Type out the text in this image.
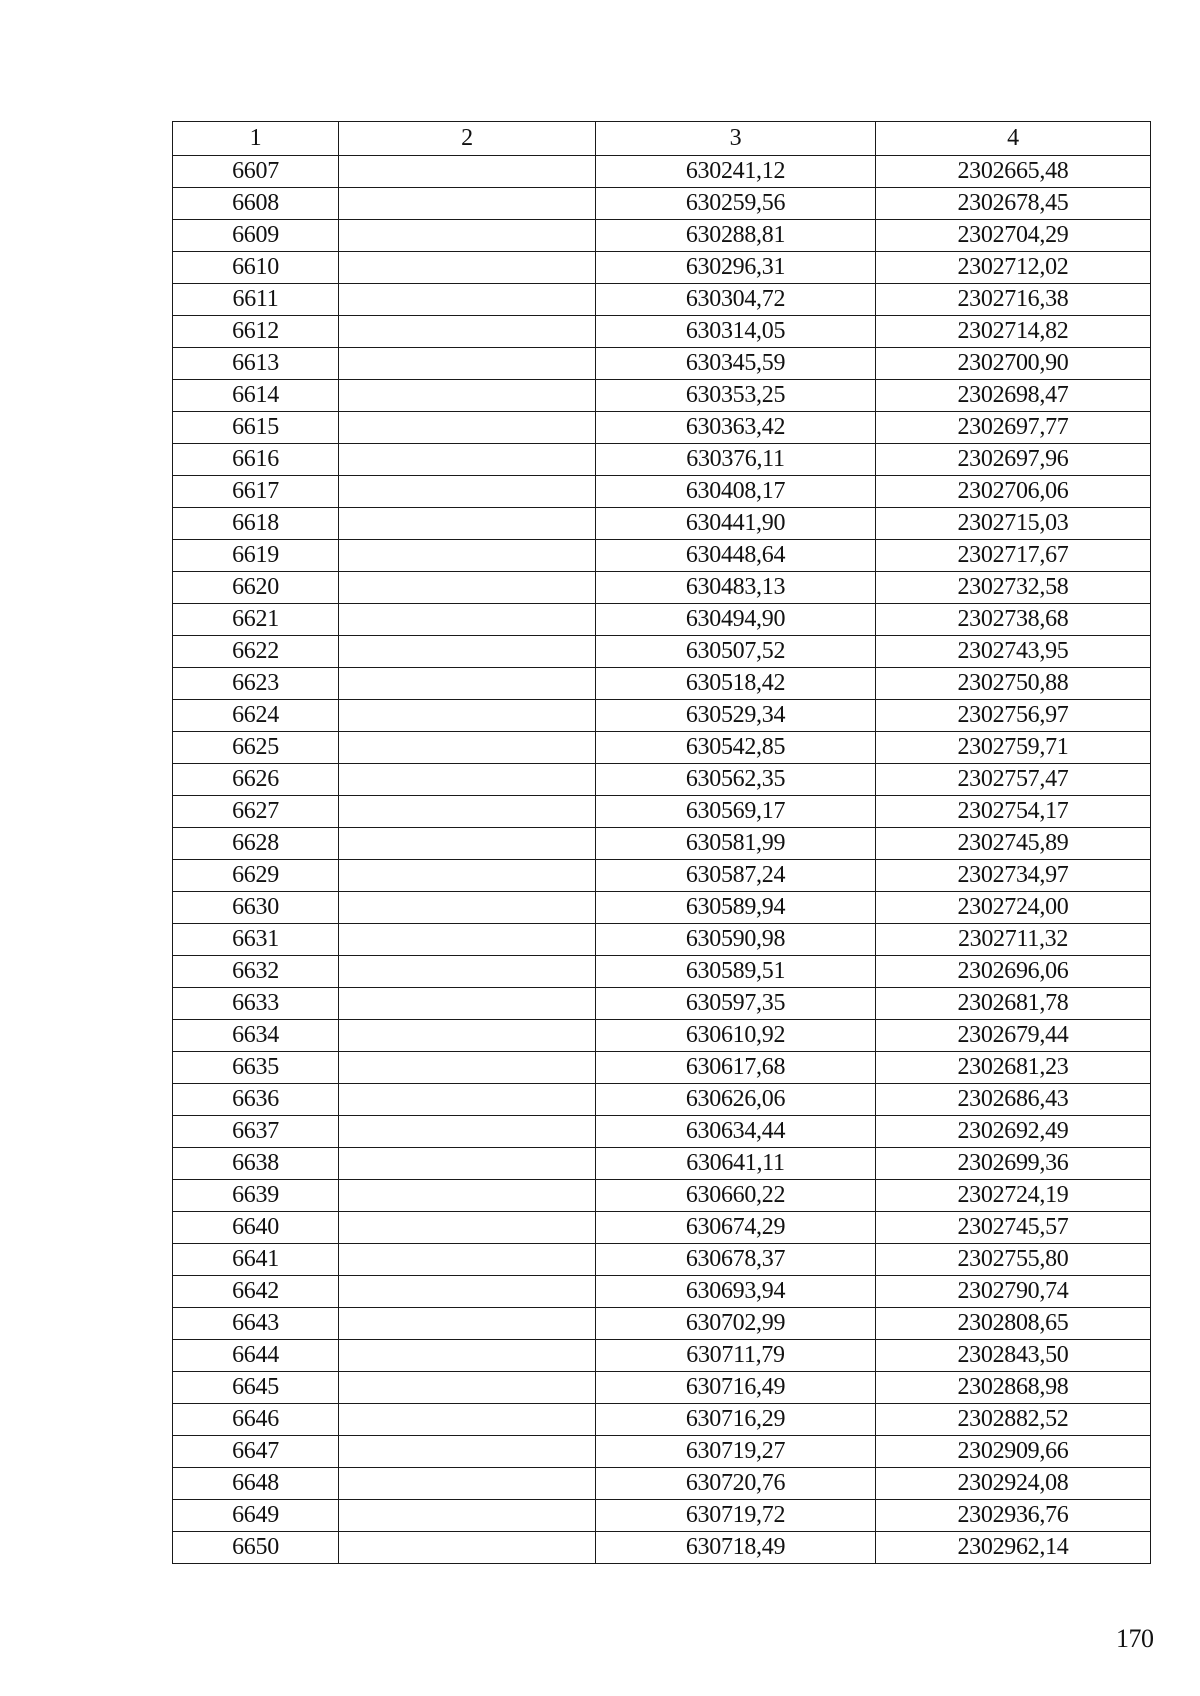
1	2	3	4
6607		630241,12	2302665,48
6608		630259,56	2302678,45
6609		630288,81	2302704,29
6610		630296,31	2302712,02
6611		630304,72	2302716,38
6612		630314,05	2302714,82
6613		630345,59	2302700,90
6614		630353,25	2302698,47
6615		630363,42	2302697,77
6616		630376,11	2302697,96
6617		630408,17	2302706,06
6618		630441,90	2302715,03
6619		630448,64	2302717,67
6620		630483,13	2302732,58
6621		630494,90	2302738,68
6622		630507,52	2302743,95
6623		630518,42	2302750,88
6624		630529,34	2302756,97
6625		630542,85	2302759,71
6626		630562,35	2302757,47
6627		630569,17	2302754,17
6628		630581,99	2302745,89
6629		630587,24	2302734,97
6630		630589,94	2302724,00
6631		630590,98	2302711,32
6632		630589,51	2302696,06
6633		630597,35	2302681,78
6634		630610,92	2302679,44
6635		630617,68	2302681,23
6636		630626,06	2302686,43
6637		630634,44	2302692,49
6638		630641,11	2302699,36
6639		630660,22	2302724,19
6640		630674,29	2302745,57
6641		630678,37	2302755,80
6642		630693,94	2302790,74
6643		630702,99	2302808,65
6644		630711,79	2302843,50
6645		630716,49	2302868,98
6646		630716,29	2302882,52
6647		630719,27	2302909,66
6648		630720,76	2302924,08
6649		630719,72	2302936,76
6650		630718,49	2302962,14
170
